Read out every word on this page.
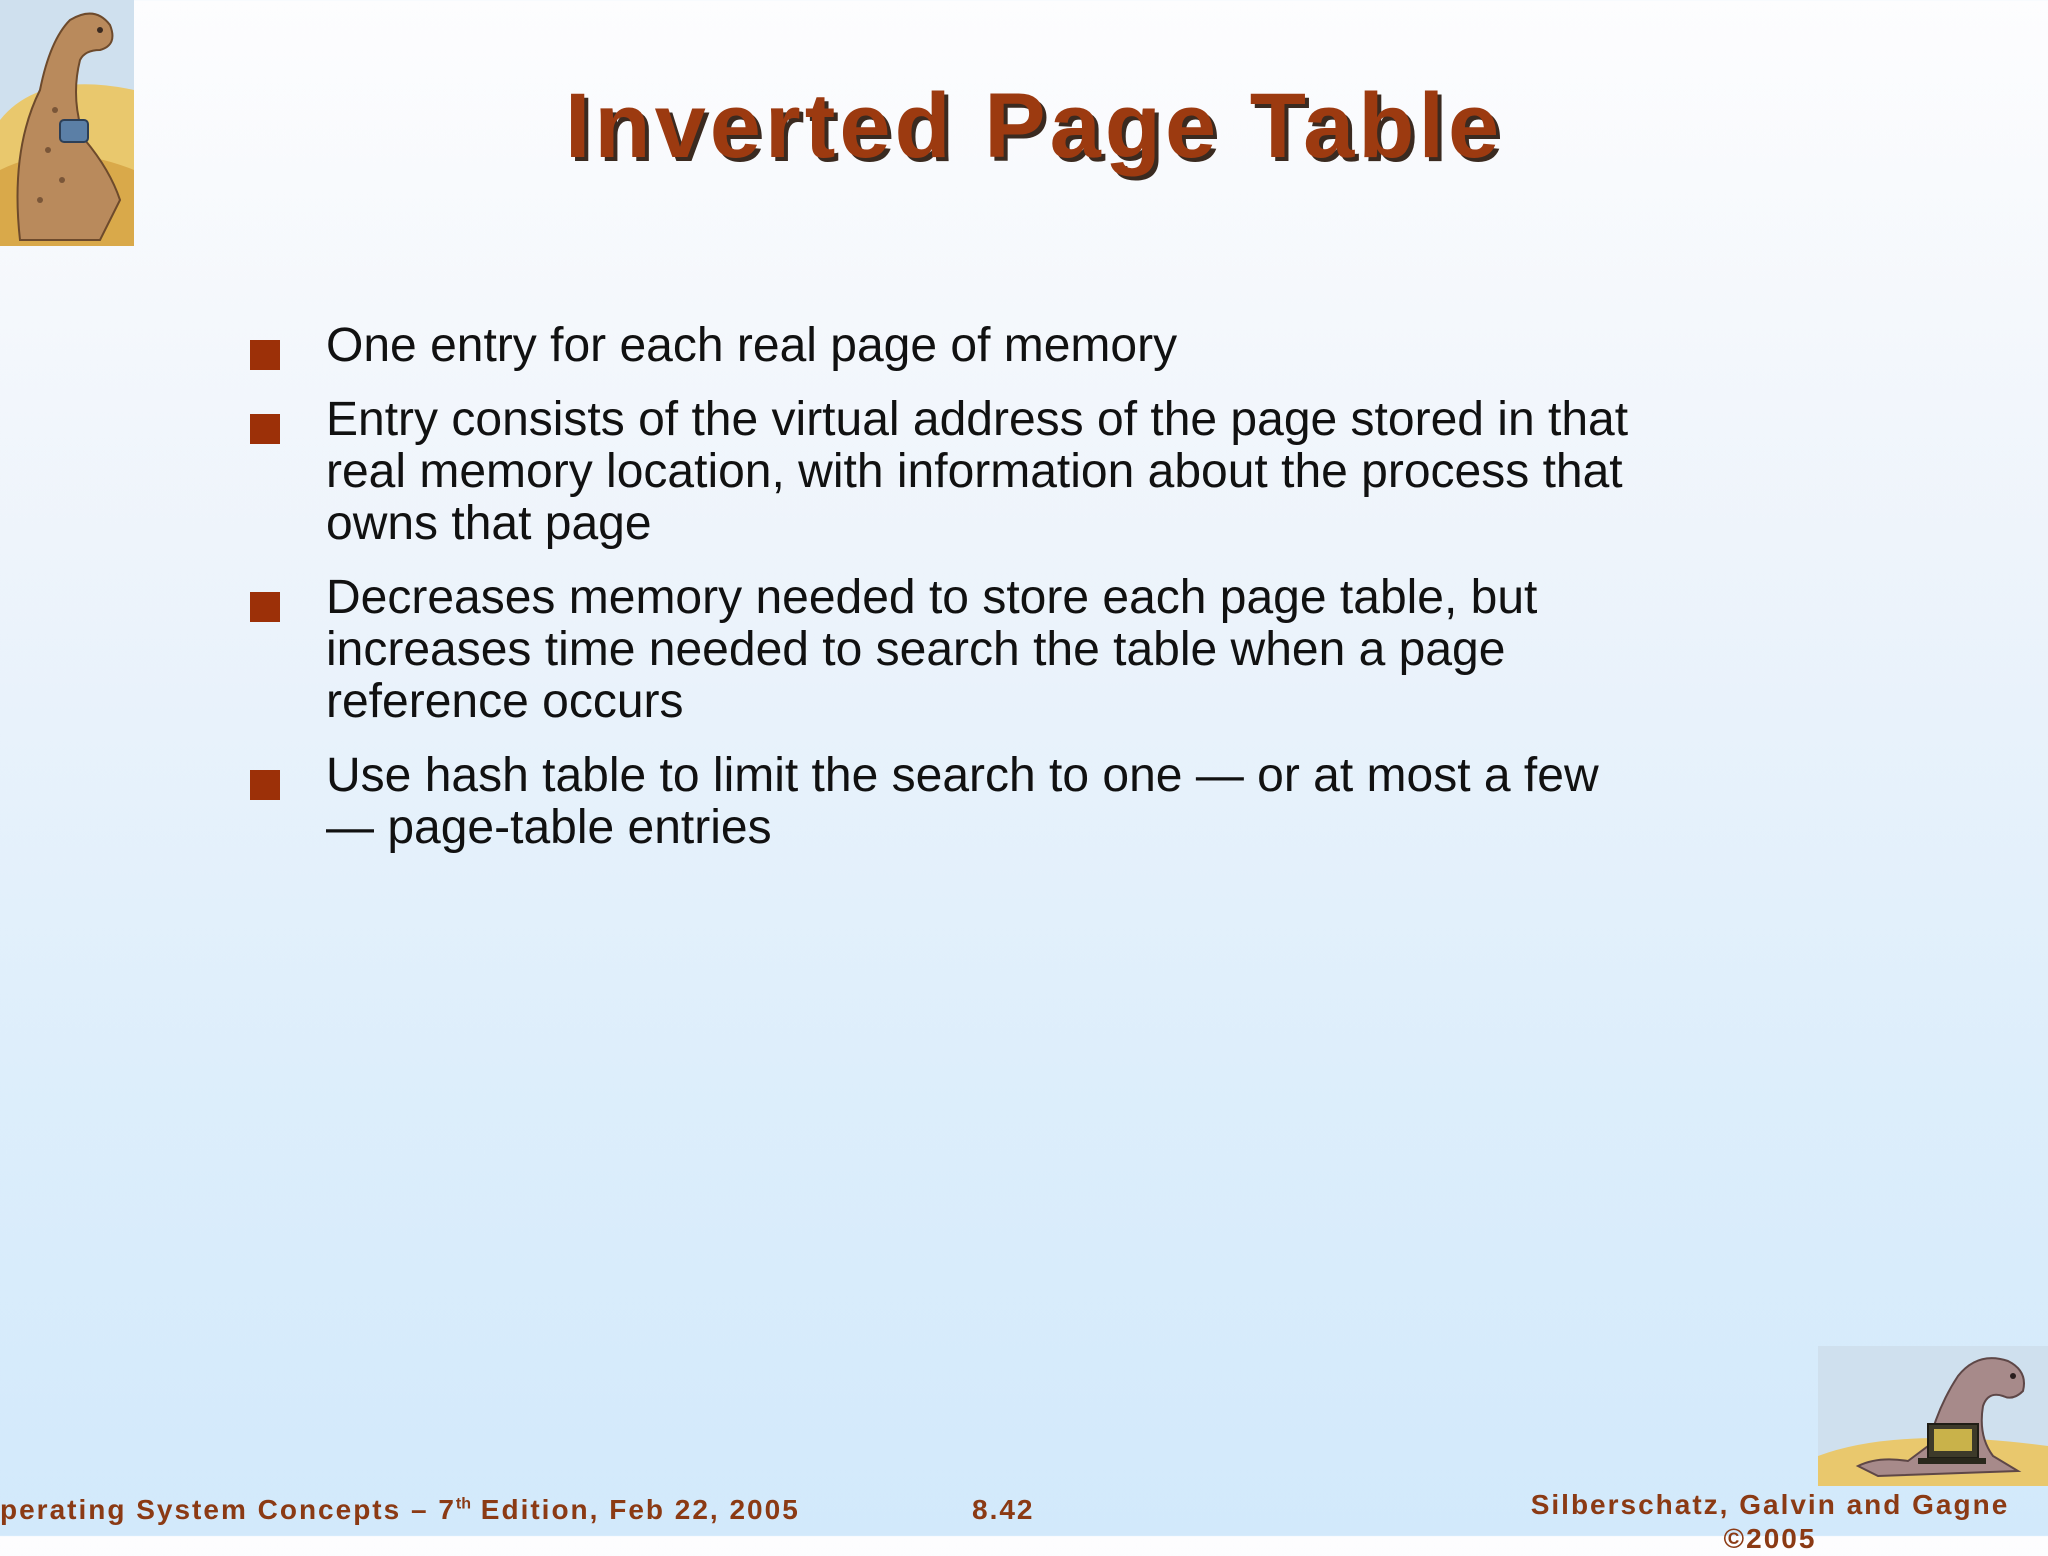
Inverted Page Table
One entry for each real page of memory
Entry consists of the virtual address of the page stored in that real memory location, with information about the process that owns that page
Decreases memory needed to store each page table, but increases time needed to search the table when a page reference occurs
Use hash table to limit the search to one — or at most a few — page-table entries
perating System Concepts – 7th Edition, Feb 22, 2005	8.42	Silberschatz, Galvin and Gagne
©2005
